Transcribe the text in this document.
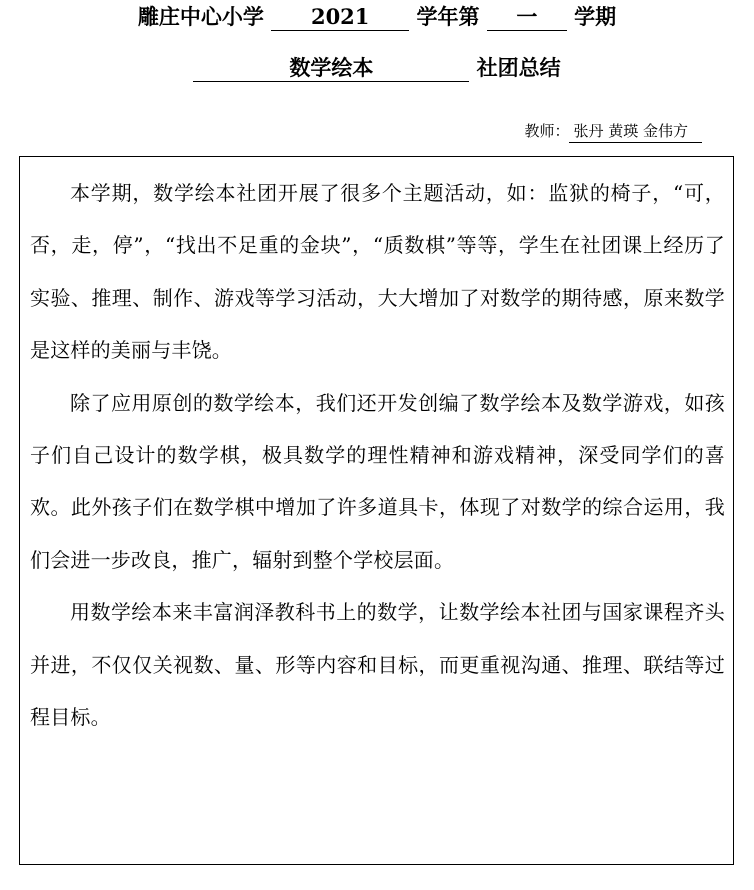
雕庄中心小学 2021 学年第 一 学期
数学绘本	社团总结
教师： 张丹 黄瑛 金伟方

本学期，数学绘本社团开展了很多个主题活动，如：监狱的椅子，“可，否，走，停”，“找出不足重的金块”，“质数棋”等等，学生在社团课上经历了实验、推理、制作、游戏等学习活动，大大增加了对数学的期待感，原来数学是这样的美丽与丰饶。

除了应用原创的数学绘本，我们还开发创编了数学绘本及数学游戏，如孩子们自己设计的数学棋，极具数学的理性精神和游戏精神，深受同学们的喜欢。此外孩子们在数学棋中增加了许多道具卡，体现了对数学的综合运用，我们会进一步改良，推广，辐射到整个学校层面。

用数学绘本来丰富润泽教科书上的数学，让数学绘本社团与国家课程齐头并进，不仅仅关视数、量、形等内容和目标，而更重视沟通、推理、联结等过程目标。
